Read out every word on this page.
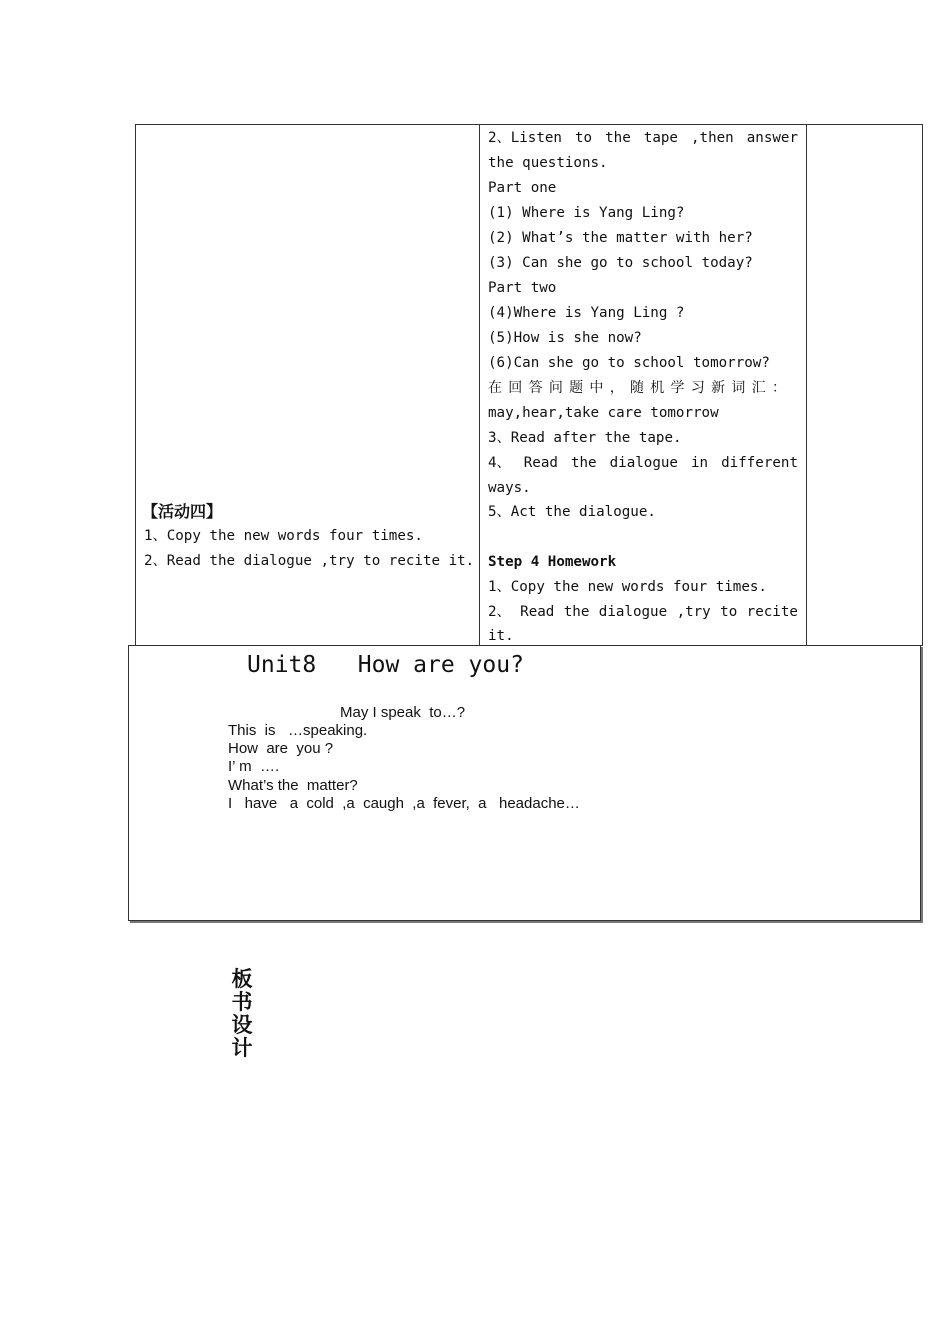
【活动四】
1、Copy the new words four times.
2、Read the dialogue ,try to recite it.
2、Listen to the tape ,then answer
the questions.
Part one
(1) Where is Yang Ling?
(2) What’s the matter with her?
(3) Can she go to school today?
Part two
(4)Where is Yang Ling ?
(5)How is she now?
(6)Can she go to school tomorrow?
在 回 答 问 题 中 ， 随 机 学 习 新 词 汇 ：
may,hear,take care tomorrow
3、Read after the tape.
4、 Read the dialogue in different
ways.
5、Act the dialogue.
Step 4 Homework
1、Copy the new words four times.
2、 Read the dialogue ,try to recite
it.
Unit8   How are you?
May I speak  to…?
This  is   …speaking.
How  are  you ?
I’ m  ….
What’s the  matter?
I   have   a  cold  ,a  caugh  ,a  fever,  a   headache…
板
书
设
计
